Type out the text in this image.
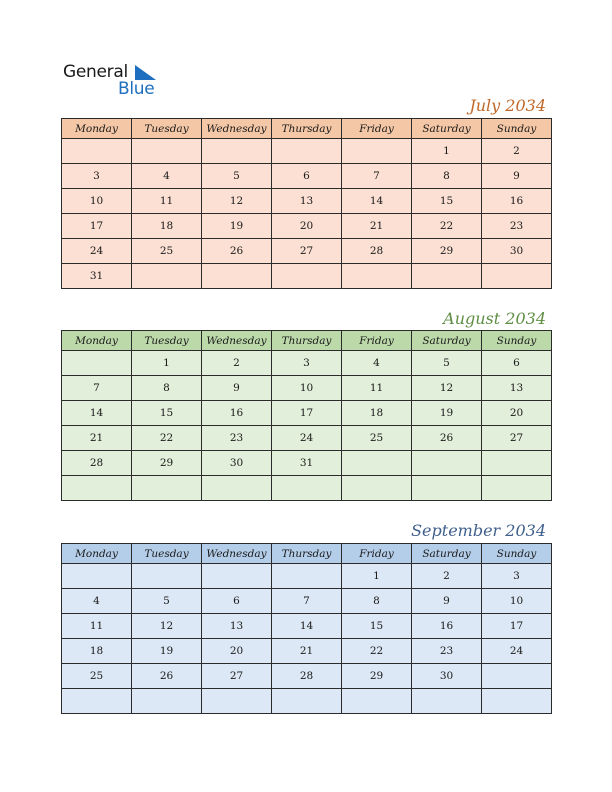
General
Blue
July 2034
Monday	Tuesday	Wednesday	Thursday	Friday	Saturday	Sunday
					1	2
3	4	5	6	7	8	9
10	11	12	13	14	15	16
17	18	19	20	21	22	23
24	25	26	27	28	29	30
31						
August 2034
Monday	Tuesday	Wednesday	Thursday	Friday	Saturday	Sunday
	1	2	3	4	5	6
7	8	9	10	11	12	13
14	15	16	17	18	19	20
21	22	23	24	25	26	27
28	29	30	31			

September 2034
Monday	Tuesday	Wednesday	Thursday	Friday	Saturday	Sunday
				1	2	3
4	5	6	7	8	9	10
11	12	13	14	15	16	17
18	19	20	21	22	23	24
25	26	27	28	29	30	
